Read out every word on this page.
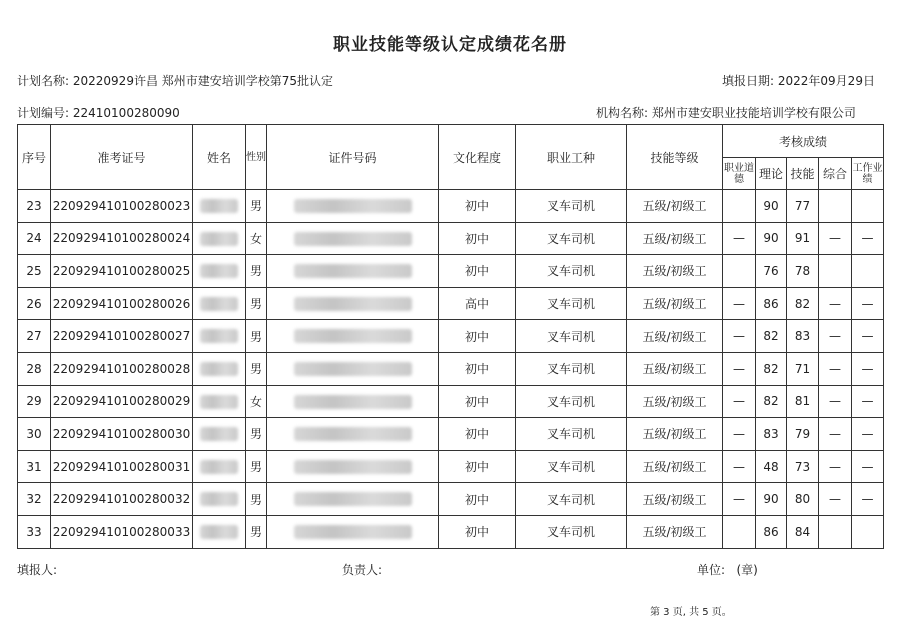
职业技能等级认定成绩花名册
计划名称: 20220929许昌 郑州市建安培训学校第75批认定	填报日期: 2022年09月29日
计划编号: 22410100280090	机构名称: 郑州市建安职业技能培训学校有限公司
序号	准考证号	姓名	性别	证件号码	文化程度	职业工种	技能等级	考核成绩				
								职业道德	理论	技能	综合	工作业绩
23	220929410100280023		男		初中	叉车司机	五级/初级工		90	77		
24	220929410100280024		女		初中	叉车司机	五级/初级工	—	90	91	—	—
25	220929410100280025		男		初中	叉车司机	五级/初级工		76	78		
26	220929410100280026		男		高中	叉车司机	五级/初级工	—	86	82	—	—
27	220929410100280027		男		初中	叉车司机	五级/初级工	—	82	83	—	—
28	220929410100280028		男		初中	叉车司机	五级/初级工	—	82	71	—	—
29	220929410100280029		女		初中	叉车司机	五级/初级工	—	82	81	—	—
30	220929410100280030		男		初中	叉车司机	五级/初级工	—	83	79	—	—
31	220929410100280031		男		初中	叉车司机	五级/初级工	—	48	73	—	—
32	220929410100280032		男		初中	叉车司机	五级/初级工	—	90	80	—	—
33	220929410100280033		男		初中	叉车司机	五级/初级工		86	84		
填报人:	负责人:	单位: (章)
第 3 页, 共 5 页。
